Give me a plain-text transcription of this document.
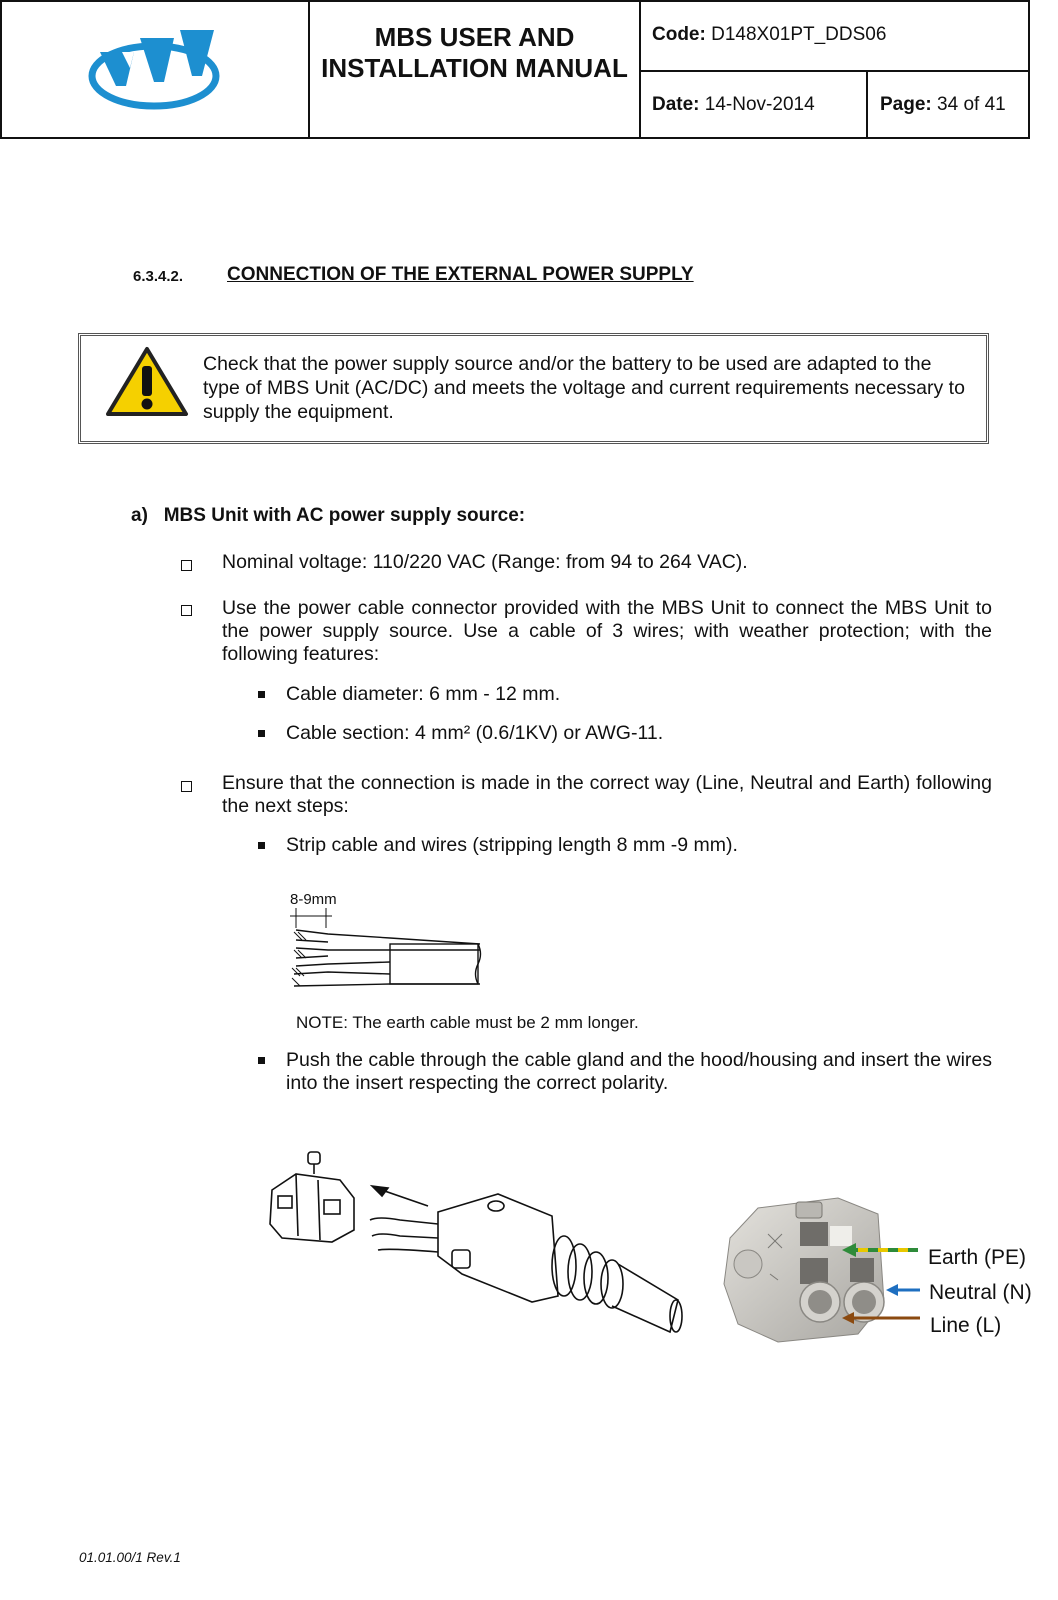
MBS USER AND INSTALLATION MANUAL
Code: D148X01PT_DDS06
Date: 14-Nov-2014	Page: 34 of 41
6.3.4.2. CONNECTION OF THE EXTERNAL POWER SUPPLY
Check that the power supply source and/or the battery to be used are adapted to the type of MBS Unit (AC/DC) and meets the voltage and current requirements necessary to supply the equipment.
a)   MBS Unit with AC power supply source:
Nominal voltage: 110/220 VAC (Range: from 94 to 264 VAC).
Use the power cable connector provided with the MBS Unit to connect the MBS Unit to the power supply source. Use a cable of 3 wires; with weather protection; with the following features:
Cable diameter: 6 mm - 12 mm.
Cable section: 4 mm² (0.6/1KV) or AWG-11.
Ensure that the connection is made in the correct way (Line, Neutral and Earth) following the next steps:
Strip cable and wires (stripping length 8 mm -9 mm).
8-9mm
NOTE: The earth cable must be 2 mm longer.
Push the cable through the cable gland and the hood/housing and insert the wires into the insert respecting the correct polarity.
Earth (PE)
Neutral (N)
Line (L)
01.01.00/1 Rev.1
